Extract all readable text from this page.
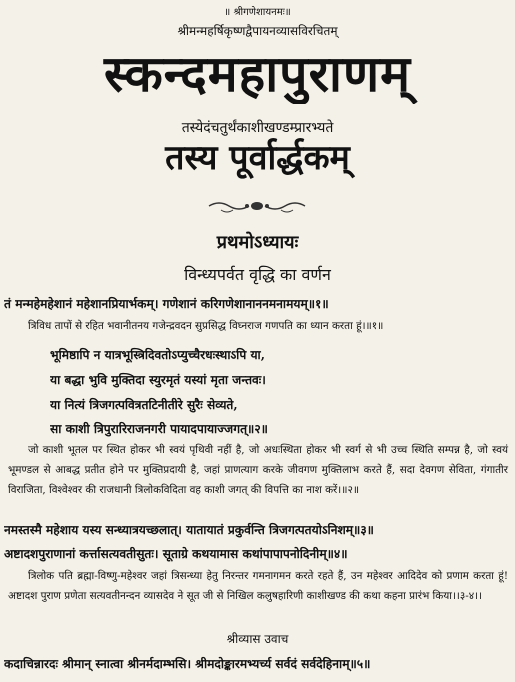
॥ श्रीगणेशायनमः॥
श्रीमन्महर्षिकृष्णद्वैपायनव्यासविरचितम्
स्कन्दमहापुराणम्
तस्येदंचतुर्थंकाशीखण्डम्प्रारभ्यते
तस्य पूर्वार्द्धकम्
प्रथमोऽध्यायः
विन्ध्यपर्वत वृद्धि का वर्णन
तं मन्महेमहेशानं महेशानप्रियार्भकम्। गणेशानं करिगणेशानाननमनामयम्॥१॥

त्रिविध तापों से रहित भवानीतनय गजेन्द्रवदन सुप्रसिद्ध विघ्नराज गणपति का ध्यान करता हूं।॥१॥

भूमिष्ठापि न यात्रभूस्त्रिदिवतोऽप्युच्चैरधःस्थाऽपि या,
या बद्धा भुवि मुक्तिदा स्युरमृतं यस्यां मृता जन्तवः।
या नित्यं त्रिजगत्पवित्रतटिनीतीरे सुरैः सेव्यते,
सा काशी त्रिपुरारिराजनगरी पायादपायाज्जगत्॥२॥

जो काशी भूतल पर स्थित होकर भी स्वयं पृथिवी नहीं है, जो अधःस्थिता होकर भी स्वर्ग से भी उच्च स्थिति सम्पन्न है, जो स्वयं भूमण्डल से आबद्ध प्रतीत होने पर मुक्तिप्रदायी है, जहां प्राणत्याग करके जीवगण मुक्तिलाभ करते हैं, सदा देवगण सेविता, गंगातीर विराजिता, विश्वेश्वर की राजधानी त्रिलोकविदिता वह काशी जगत् की विपत्ति का नाश करें।॥२॥

नमस्तस्मै महेशाय यस्य सन्ध्यात्रयच्छलात्। यातायातं प्रकुर्वन्ति त्रिजगत्पतयोऽनिशम्॥३॥
अष्टादशपुराणानां कर्त्तासत्यवतीसुतः। सूताग्रे कथयामास कथांपापापनोदिनीम्॥४॥

त्रिलोक पति ब्रह्मा-विष्णु-महेश्वर जहां त्रिसन्ध्या हेतु निरन्तर गमनागमन करते रहते हैं, उन महेश्वर आदिदेव को प्रणाम करता हूं! अष्टादश पुराण प्रणेता सत्यवतीनन्दन व्यासदेव ने सूत जी से निखिल कलुषहारिणी काशीखण्ड की कथा कहना प्रारंभ किया।।३-४।।

श्रीव्यास उवाच
कदाचिन्नारदः श्रीमान् स्नात्वा श्रीनर्मदाम्भसि। श्रीमदोङ्कारमभ्यर्च्य सर्वदं सर्वदेहिनाम्॥५॥
